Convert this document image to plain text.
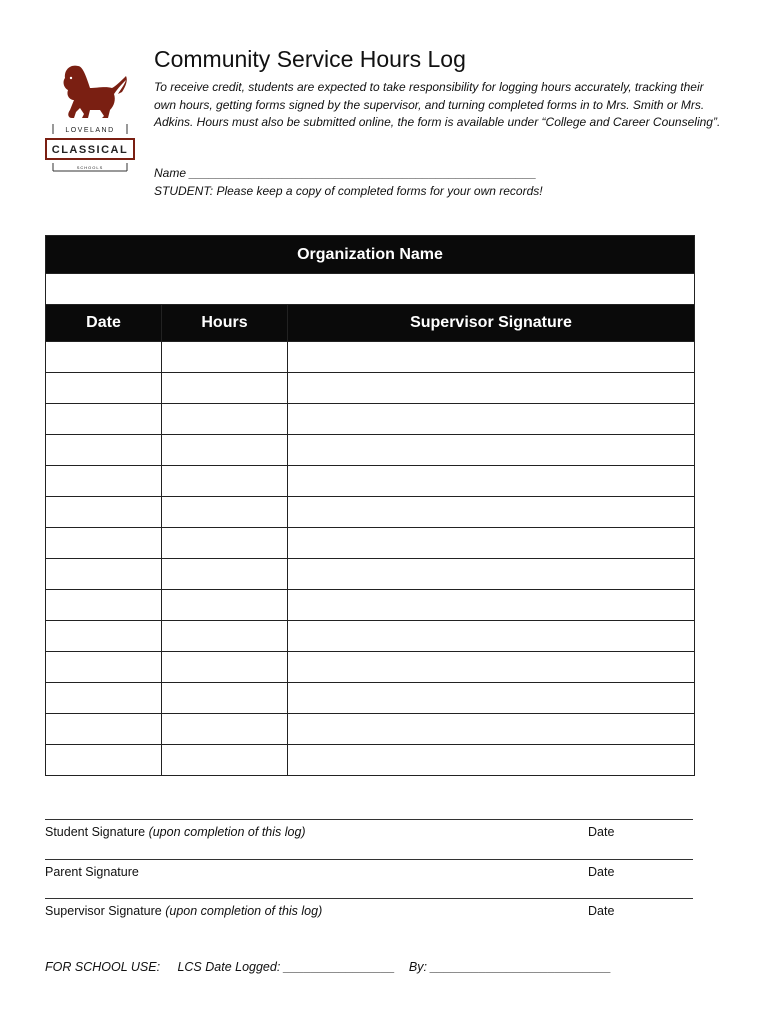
LOVELAND
CLASSICAL
SCHOOLS
Community Service Hours Log
To receive credit, students are expected to take responsibility for logging hours accurately, tracking their own hours, getting forms signed by the supervisor, and turning completed forms in to Mrs. Smith or Mrs. Adkins. Hours must also be submitted online, the form is available under “College and Career Counseling”.
Name ____________________________________________________
STUDENT: Please keep a copy of completed forms for your own records!
Organization Name		

Date	Hours	Supervisor Signature

Student Signature (upon completion of this log)	Date
Parent Signature	Date
Supervisor Signature (upon completion of this log)	Date
FOR SCHOOL USE: LCS Date Logged: ________________ By: __________________________
